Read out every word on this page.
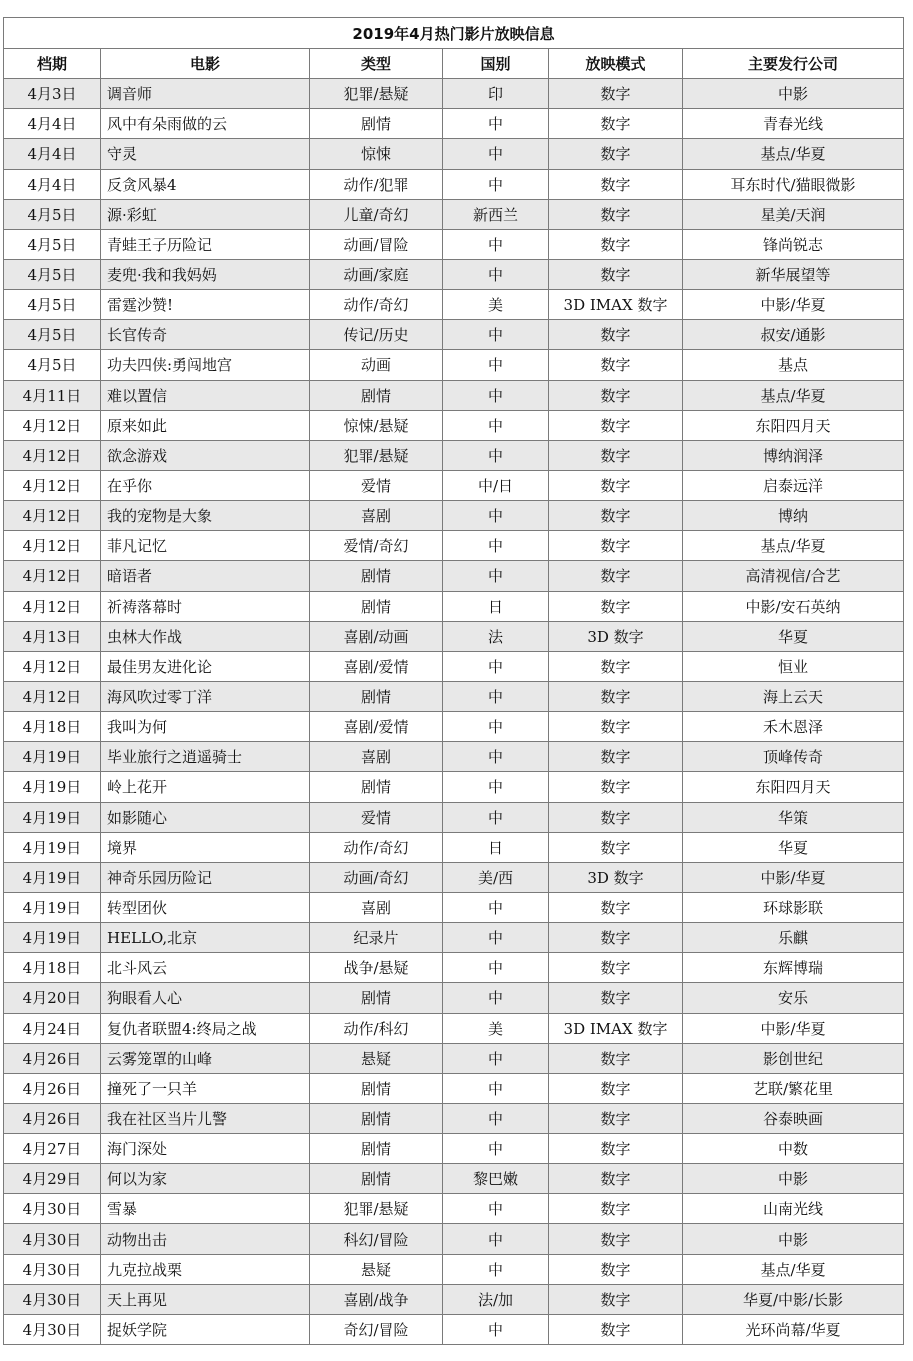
2019年4月热门影片放映信息					
档期	电影	类型	国别	放映模式	主要发行公司
4月3日	调音师	犯罪/悬疑	印	数字	中影
4月4日	风中有朵雨做的云	剧情	中	数字	青春光线
4月4日	守灵	惊悚	中	数字	基点/华夏
4月4日	反贪风暴4	动作/犯罪	中	数字	耳东时代/猫眼微影
4月5日	源·彩虹	儿童/奇幻	新西兰	数字	星美/天润
4月5日	青蛙王子历险记	动画/冒险	中	数字	锋尚锐志
4月5日	麦兜·我和我妈妈	动画/家庭	中	数字	新华展望等
4月5日	雷霆沙赞!	动作/奇幻	美	3D IMAX 数字	中影/华夏
4月5日	长官传奇	传记/历史	中	数字	叔安/通影
4月5日	功夫四侠:勇闯地宫	动画	中	数字	基点
4月11日	难以置信	剧情	中	数字	基点/华夏
4月12日	原来如此	惊悚/悬疑	中	数字	东阳四月天
4月12日	欲念游戏	犯罪/悬疑	中	数字	博纳润泽
4月12日	在乎你	爱情	中/日	数字	启泰远洋
4月12日	我的宠物是大象	喜剧	中	数字	博纳
4月12日	菲凡记忆	爱情/奇幻	中	数字	基点/华夏
4月12日	暗语者	剧情	中	数字	高清视信/合艺
4月12日	祈祷落幕时	剧情	日	数字	中影/安石英纳
4月13日	虫林大作战	喜剧/动画	法	3D 数字	华夏
4月12日	最佳男友进化论	喜剧/爱情	中	数字	恒业
4月12日	海风吹过零丁洋	剧情	中	数字	海上云天
4月18日	我叫为何	喜剧/爱情	中	数字	禾木恩泽
4月19日	毕业旅行之逍遥骑士	喜剧	中	数字	顶峰传奇
4月19日	岭上花开	剧情	中	数字	东阳四月天
4月19日	如影随心	爱情	中	数字	华策
4月19日	境界	动作/奇幻	日	数字	华夏
4月19日	神奇乐园历险记	动画/奇幻	美/西	3D 数字	中影/华夏
4月19日	转型团伙	喜剧	中	数字	环球影联
4月19日	HELLO,北京	纪录片	中	数字	乐麒
4月18日	北斗风云	战争/悬疑	中	数字	东辉博瑞
4月20日	狗眼看人心	剧情	中	数字	安乐
4月24日	复仇者联盟4:终局之战	动作/科幻	美	3D IMAX 数字	中影/华夏
4月26日	云雾笼罩的山峰	悬疑	中	数字	影创世纪
4月26日	撞死了一只羊	剧情	中	数字	艺联/繁花里
4月26日	我在社区当片儿警	剧情	中	数字	谷泰映画
4月27日	海门深处	剧情	中	数字	中数
4月29日	何以为家	剧情	黎巴嫩	数字	中影
4月30日	雪暴	犯罪/悬疑	中	数字	山南光线
4月30日	动物出击	科幻/冒险	中	数字	中影
4月30日	九克拉战栗	悬疑	中	数字	基点/华夏
4月30日	天上再见	喜剧/战争	法/加	数字	华夏/中影/长影
4月30日	捉妖学院	奇幻/冒险	中	数字	光环尚幕/华夏
